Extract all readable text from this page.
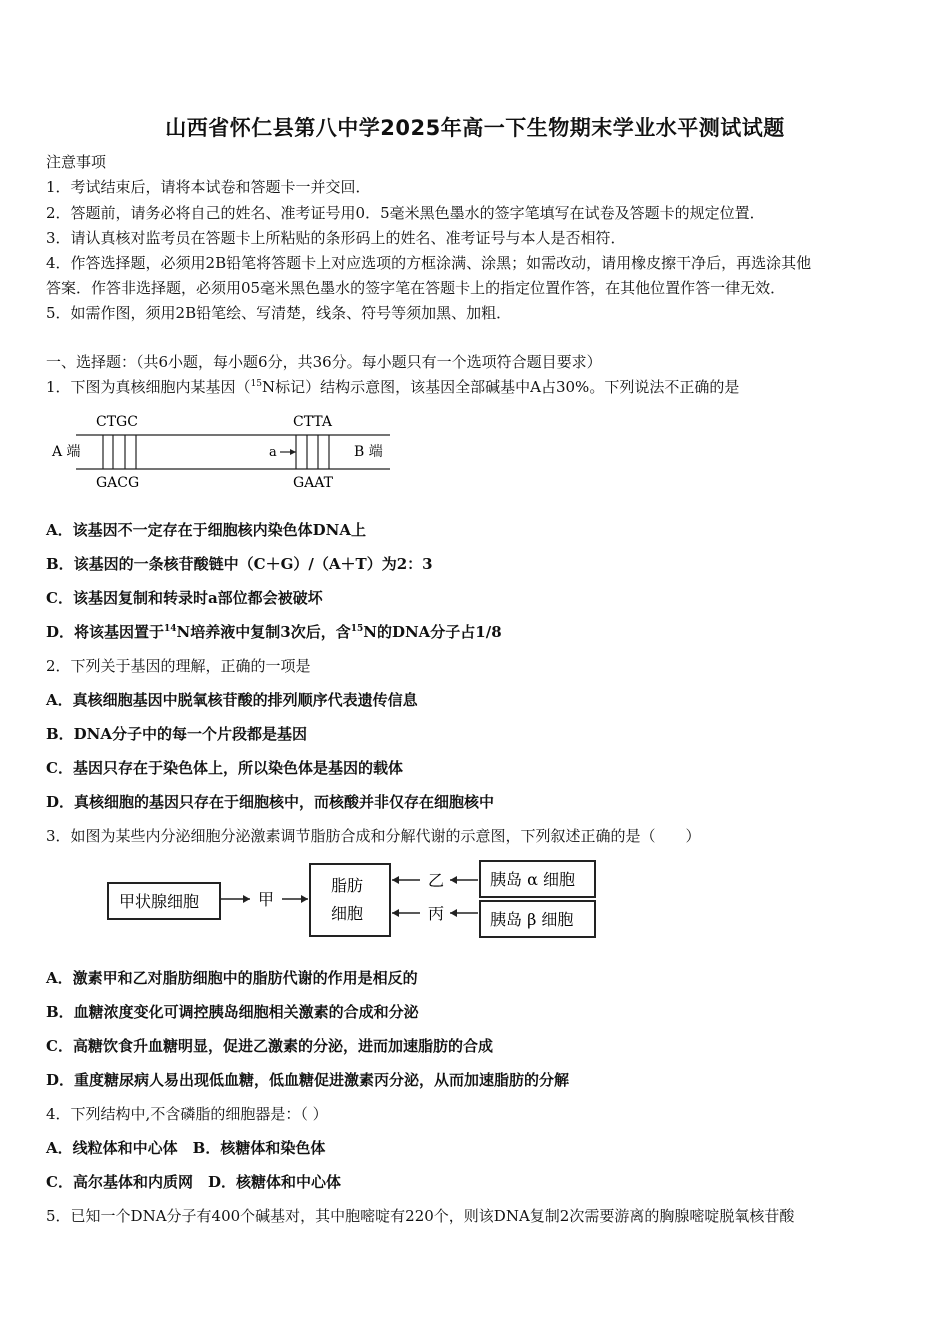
山西省怀仁县第八中学2025年高一下生物期末学业水平测试试题
注意事项
1．考试结束后，请将本试卷和答题卡一并交回．
2．答题前，请务必将自己的姓名、准考证号用0．5毫米黑色墨水的签字笔填写在试卷及答题卡的规定位置．
3．请认真核对监考员在答题卡上所粘贴的条形码上的姓名、准考证号与本人是否相符．
4．作答选择题，必须用2B铅笔将答题卡上对应选项的方框涂满、涂黑；如需改动，请用橡皮擦干净后，再选涂其他
答案．作答非选择题，必须用05毫米黑色墨水的签字笔在答题卡上的指定位置作答，在其他位置作答一律无效．
5．如需作图，须用2B铅笔绘、写清楚，线条、符号等须加黑、加粗．
一、选择题：（共6小题，每小题6分，共36分。每小题只有一个选项符合题目要求）
1．下图为真核细胞内某基因（$^{15}$N标记）结构示意图，该基因全部碱基中A占30%。下列说法不正确的是
A 端	B 端
CTGC
GACG
CTTA
GAAT
a
A．该基因不一定存在于细胞核内染色体DNA上
B．该基因的一条核苷酸链中（C＋G）/（A＋T）为2：3
C．该基因复制和转录时a部位都会被破坏
D．将该基因置于$^{14}$N培养液中复制3次后，含$^{15}$N的DNA分子占1/8
2．下列关于基因的理解，正确的一项是
A．真核细胞基因中脱氧核苷酸的排列顺序代表遗传信息
B．DNA分子中的每一个片段都是基因
C．基因只存在于染色体上，所以染色体是基因的载体
D．真核细胞的基因只存在于细胞核中，而核酸并非仅存在细胞核中
3．如图为某些内分泌细胞分泌激素调节脂肪合成和分解代谢的示意图，下列叙述正确的是（　　）
甲状腺细胞	甲
脂肪
细胞
乙
丙
胰岛 α 细胞
胰岛 β 细胞
A．激素甲和乙对脂肪细胞中的脂肪代谢的作用是相反的
B．血糖浓度变化可调控胰岛细胞相关激素的合成和分泌
C．高糖饮食升血糖明显，促进乙激素的分泌，进而加速脂肪的合成
D．重度糖尿病人易出现低血糖，低血糖促进激素丙分泌，从而加速脂肪的分解
4．下列结构中,不含磷脂的细胞器是：（ ）
A．线粒体和中心体　B．核糖体和染色体
C．高尔基体和内质网　D．核糖体和中心体
5．已知一个DNA分子有400个碱基对，其中胞嘧啶有220个，则该DNA复制2次需要游离的胸腺嘧啶脱氧核苷酸
